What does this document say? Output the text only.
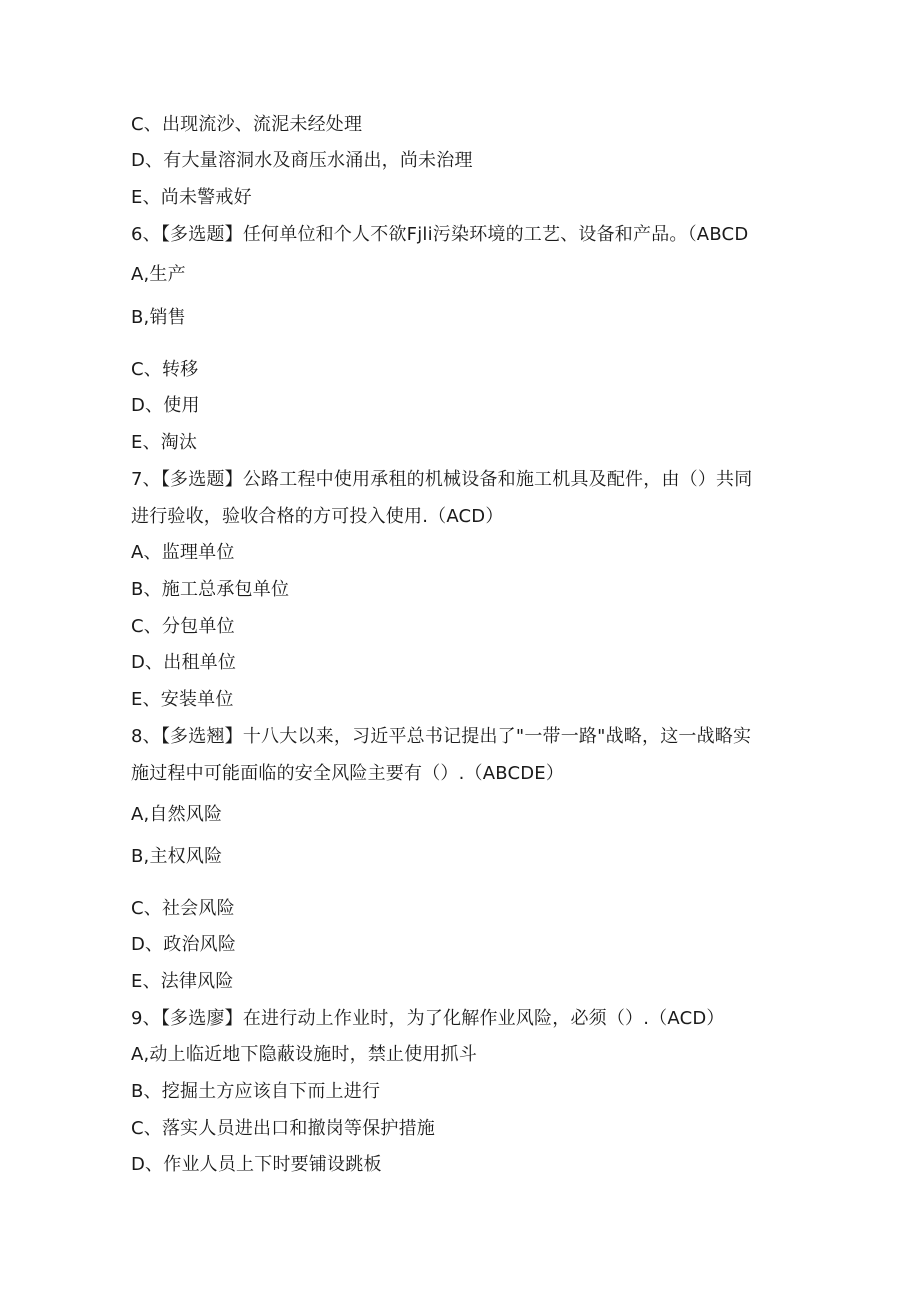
C、出现流沙、流泥未经处理
D、有大量溶洞水及商压水涌出，尚未治理
E、尚未警戒好
6、【多选题】任何单位和个人不欲Fjli污染环境的工艺、设备和产品。（ABCD
A,生产
B,销售
C、转移
D、使用
E、淘汰
7、【多选题】公路工程中使用承租的机械设备和施工机具及配件，由（）共同
进行验收，验收合格的方可投入使用.（ACD）
A、监理单位
B、施工总承包单位
C、分包单位
D、出租单位
E、安装单位
8、【多选翘】十八大以来，习近平总书记提出了"一带一路"战略，这一战略实
施过程中可能面临的安全风险主要有（）.（ABCDE）
A,自然风险
B,主权风险
C、社会风险
D、政治风险
E、法律风险
9、【多选廖】在进行动上作业时，为了化解作业风险，必须（）.（ACD）
A,动上临近地下隐蔽设施时，禁止使用抓斗
B、挖掘土方应该自下而上进行
C、落实人员进出口和撤岗等保护措施
D、作业人员上下时要铺设跳板
